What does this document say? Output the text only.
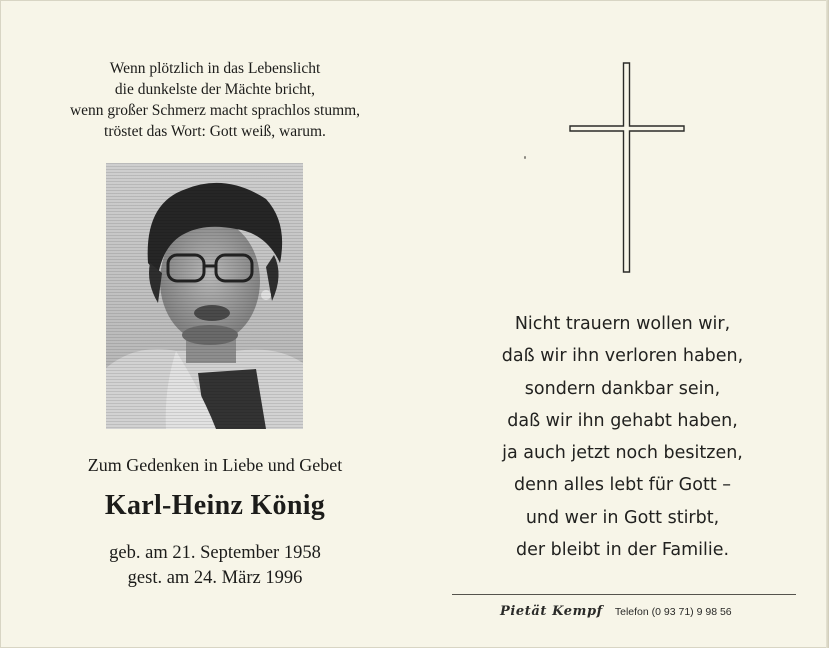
Wenn plötzlich in das Lebenslicht
die dunkelste der Mächte bricht,
wenn großer Schmerz macht sprachlos stumm,
tröstet das Wort: Gott weiß, warum.
Zum Gedenken in Liebe und Gebet
Karl-Heinz König
geb. am 21. September 1958
gest. am 24. März 1996
Nicht trauern wollen wir,
daß wir ihn verloren haben,
sondern dankbar sein,
daß wir ihn gehabt haben,
ja auch jetzt noch besitzen,
denn alles lebt für Gott –
und wer in Gott stirbt,
der bleibt in der Familie.
Pietät Kempf Telefon (0 93 71) 9 98 56
